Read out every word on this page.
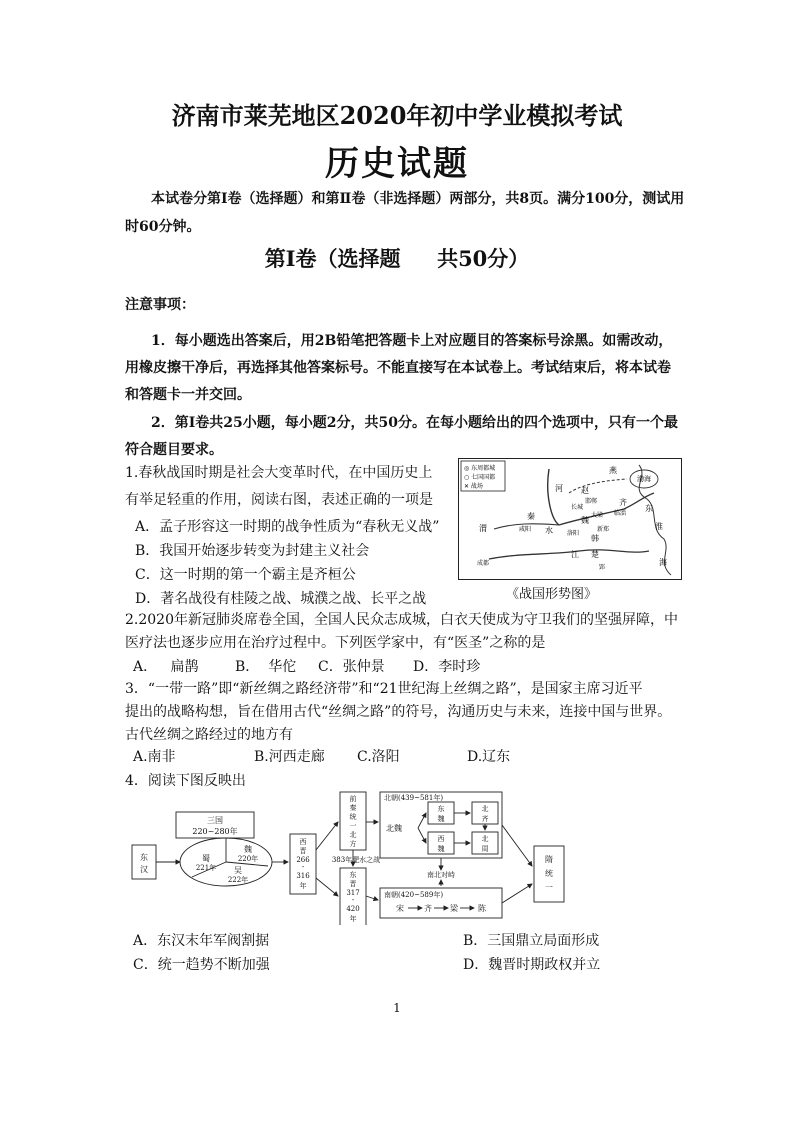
济南市莱芜地区2020年初中学业模拟考试
历史试题
本试卷分第Ⅰ卷（选择题）和第Ⅱ卷（非选择题）两部分，共8页。满分100分，测试用时60分钟。
第Ⅰ卷（选择题     共50分）
注意事项：
1．每小题选出答案后，用2B铅笔把答题卡上对应题目的答案标号涂黑。如需改动，用橡皮擦干净后，再选择其他答案标号。不能直接写在本试卷上。考试结束后，将本试卷和答题卡一并交回。
2．第Ⅰ卷共25小题，每小题2分，共50分。在每小题给出的四个选项中，只有一个最符合题目要求。
1.春秋战国时期是社会大变革时代，在中国历史上
有举足轻重的作用，阅读右图，表述正确的一项是
A．孟子形容这一时期的战争性质为“春秋无义战”
B．我国开始逐步转变为封建主义社会
C．这一时期的第一个霸主是齐桓公
D．著名战役有桂陵之战、城濮之战、长平之战
◎ 东周都城
○ 七国国都
✕ 战场
燕
渤海
河 赵
邯郸
长城
齐
大梁
东
魏
临淄
秦
咸阳
洛阳
新郑
渭	水
韩
淮
楚
江
郢
成都	海
《战国形势图》
2.2020年新冠肺炎席卷全国，全国人民众志成城，白衣天使成为守卫我们的坚强屏障，中
医疗法也逐步应用在治疗过程中。下列医学家中，有“医圣”之称的是
A．   扁鹊	B．  华佗 C．张仲景 D．李时珍
3．“一带一路”即“新丝绸之路经济带”和“21世纪海上丝绸之路”，是国家主席习近平
提出的战略构想，旨在借用古代“丝绸之路”的符号，沟通历史与未来，连接中国与世界。
古代丝绸之路经过的地方有
A.南非	B.河西走廊 C.洛阳	D.辽东
4．阅读下图反映出
三国
220~280年
东
汉
魏
220年
蜀
221年 吴
222年
西
晋
266
-
316
年
前
秦
统
一
北
方
383年淝水之战
东
晋
317
-
420
年
北朝(439~581年)
北魏
东
魏
北
齐
西
魏
北
周
南北对峙
南朝(420~589年)
宋	齐 梁	陈
隋
统
一
A．东汉末年军阀割据	B．三国鼎立局面形成
C．统一趋势不断加强	D．魏晋时期政权并立
1
